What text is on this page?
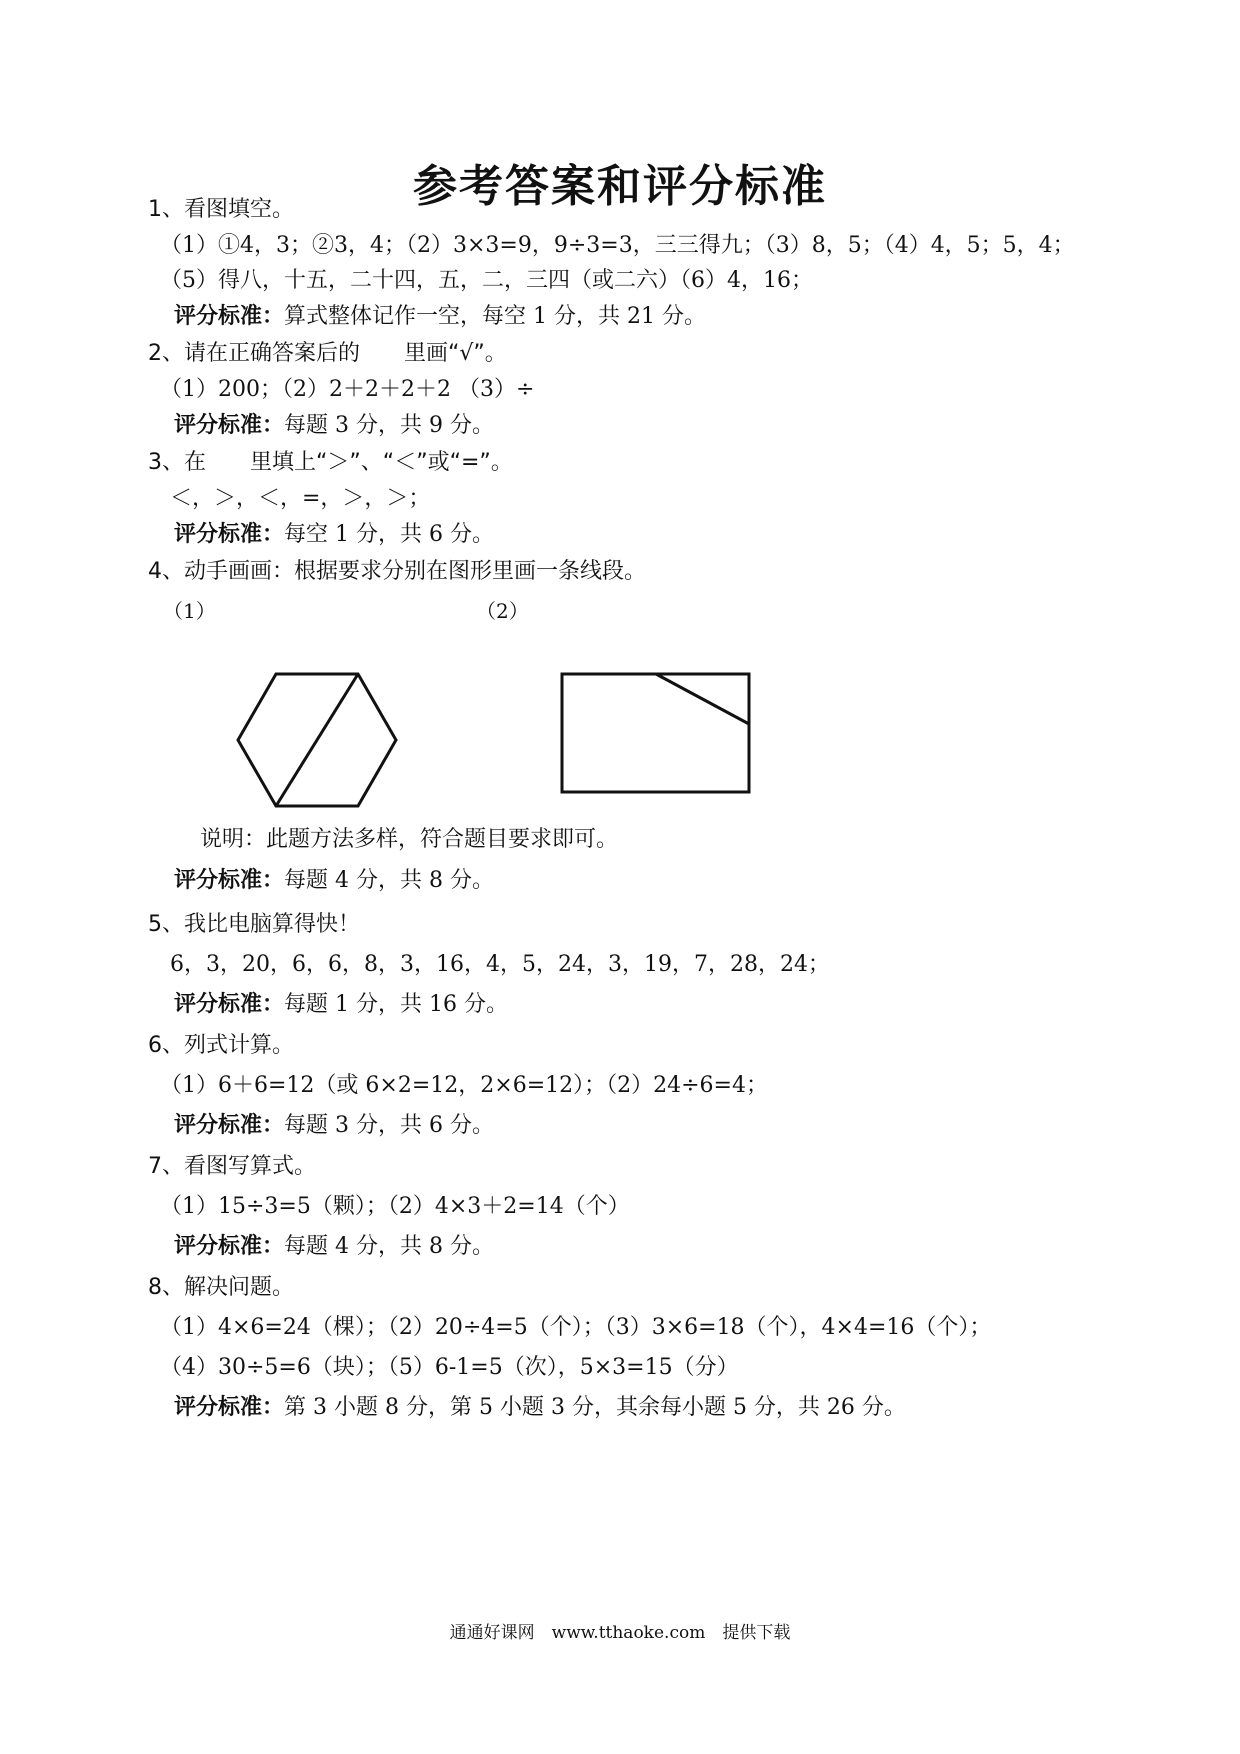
参考答案和评分标准
1、看图填空。
（1）①4，3；②3，4；（2）3×3=9，9÷3=3，三三得九；（3）8，5；（4）4，5；5，4；
（5）得八，十五，二十四，五，二，三四（或二六）（6）4，16；
评分标准：算式整体记作一空，每空 1 分，共 21 分。
2、请在正确答案后的　　里画“√”。
（1）200；（2）2＋2＋2＋2 （3）÷
评分标准：每题 3 分，共 9 分。
3、在　　里填上“＞”、“＜”或“=”。
＜，＞，＜，=，＞，＞；
评分标准：每空 1 分，共 6 分。
4、动手画画：根据要求分别在图形里画一条线段。
（1）	（2）
说明：此题方法多样，符合题目要求即可。
评分标准：每题 4 分，共 8 分。
5、我比电脑算得快！
6，3，20，6，6，8，3，16，4，5，24，3，19，7，28，24；
评分标准：每题 1 分，共 16 分。
6、列式计算。
（1）6＋6=12（或 6×2=12，2×6=12）；（2）24÷6=4；
评分标准：每题 3 分，共 6 分。
7、看图写算式。
（1）15÷3=5（颗）；（2）4×3＋2=14（个）
评分标准：每题 4 分，共 8 分。
8、解决问题。
（1）4×6=24（棵）；（2）20÷4=5（个）；（3）3×6=18（个），4×4=16（个）；
（4）30÷5=6（块）；（5）6-1=5（次），5×3=15（分）
评分标准：第 3 小题 8 分，第 5 小题 3 分，其余每小题 5 分，共 26 分。
通通好课网　www.tthaoke.com　提供下载
